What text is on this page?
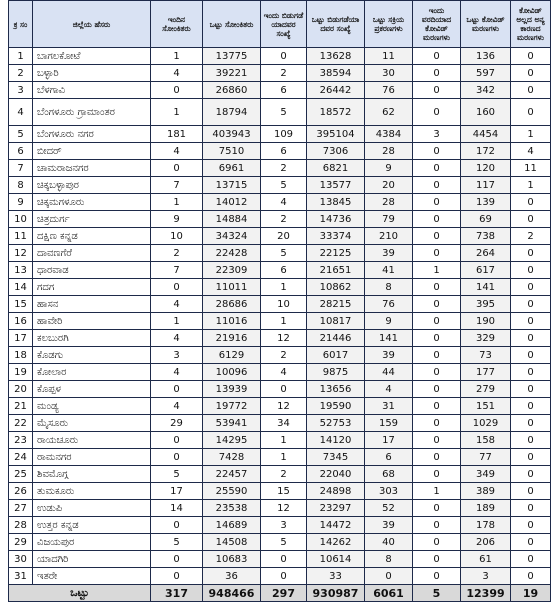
ಕ್ರ ಸಂ	ಜಿಲ್ಲೆಯ ಹೆಸರು	ಇಂದಿನ ಸೋಂಕಿತರು	ಒಟ್ಟು ಸೋಂಕಿತರು	ಇಂದು ಬಿಡುಗಡೆ ಯಾದವರ ಸಂಖ್ಯೆ	ಒಟ್ಟು ಬಿಡುಗಡೆಯಾ ದವರ ಸಂಖ್ಯೆ	ಒಟ್ಟು ಸಕ್ರಿಯ ಪ್ರಕರಣಗಳು	ಇಂದು ವರದಿಯಾದ ಕೋವಿಡ್ ಮರಣಗಳು	ಒಟ್ಟು ಕೋವಿಡ್ ಮರಣಗಳು	ಕೋವಿಡ್ ಅಲ್ಲದ ಅನ್ಯ ಕಾರಣದ ಮರಣಗಳು
1	ಬಾಗಲಕೋಟೆ	1	13775	0	13628	11	0	136	0
2	ಬಳ್ಳಾರಿ	4	39221	2	38594	30	0	597	0
3	ಬೆಳಗಾವಿ	0	26860	6	26442	76	0	342	0
4	ಬೆಂಗಳೂರು ಗ್ರಾಮಾಂತರ	1	18794	5	18572	62	0	160	0
5	ಬೆಂಗಳೂರು ನಗರ	181	403943	109	395104	4384	3	4454	1
6	ಬೀದರ್	4	7510	6	7306	28	0	172	4
7	ಚಾಮರಾಜನಗರ	0	6961	2	6821	9	0	120	11
8	ಚಿಕ್ಕಬಳ್ಳಾಪುರ	7	13715	5	13577	20	0	117	1
9	ಚಿಕ್ಕಮಗಳೂರು	1	14012	4	13845	28	0	139	0
10	ಚಿತ್ರದುರ್ಗ	9	14884	2	14736	79	0	69	0
11	ದಕ್ಷಿಣ ಕನ್ನಡ	10	34324	20	33374	210	0	738	2
12	ದಾವಣಗೆರೆ	2	22428	5	22125	39	0	264	0
13	ಧಾರವಾಡ	7	22309	6	21651	41	1	617	0
14	ಗದಗ	0	11011	1	10862	8	0	141	0
15	ಹಾಸನ	4	28686	10	28215	76	0	395	0
16	ಹಾವೇರಿ	1	11016	1	10817	9	0	190	0
17	ಕಲಬುರಗಿ	4	21916	12	21446	141	0	329	0
18	ಕೊಡಗು	3	6129	2	6017	39	0	73	0
19	ಕೋಲಾರ	4	10096	4	9875	44	0	177	0
20	ಕೊಪ್ಪಳ	0	13939	0	13656	4	0	279	0
21	ಮಂಡ್ಯ	4	19772	12	19590	31	0	151	0
22	ಮೈಸೂರು	29	53941	34	52753	159	0	1029	0
23	ರಾಯಚೂರು	0	14295	1	14120	17	0	158	0
24	ರಾಮನಗರ	0	7428	1	7345	6	0	77	0
25	ಶಿವಮೊಗ್ಗ	5	22457	2	22040	68	0	349	0
26	ತುಮಕೂರು	17	25590	15	24898	303	1	389	0
27	ಉಡುಪಿ	14	23538	12	23297	52	0	189	0
28	ಉತ್ತರ ಕನ್ನಡ	0	14689	3	14472	39	0	178	0
29	ವಿಜಯಪುರ	5	14508	5	14262	40	0	206	0
30	ಯಾದಗಿರಿ	0	10683	0	10614	8	0	61	0
31	ಇತರೇ	0	36	0	33	0	0	3	0
ಒಟ್ಟು		317	948466	297	930987	6061	5	12399	19
